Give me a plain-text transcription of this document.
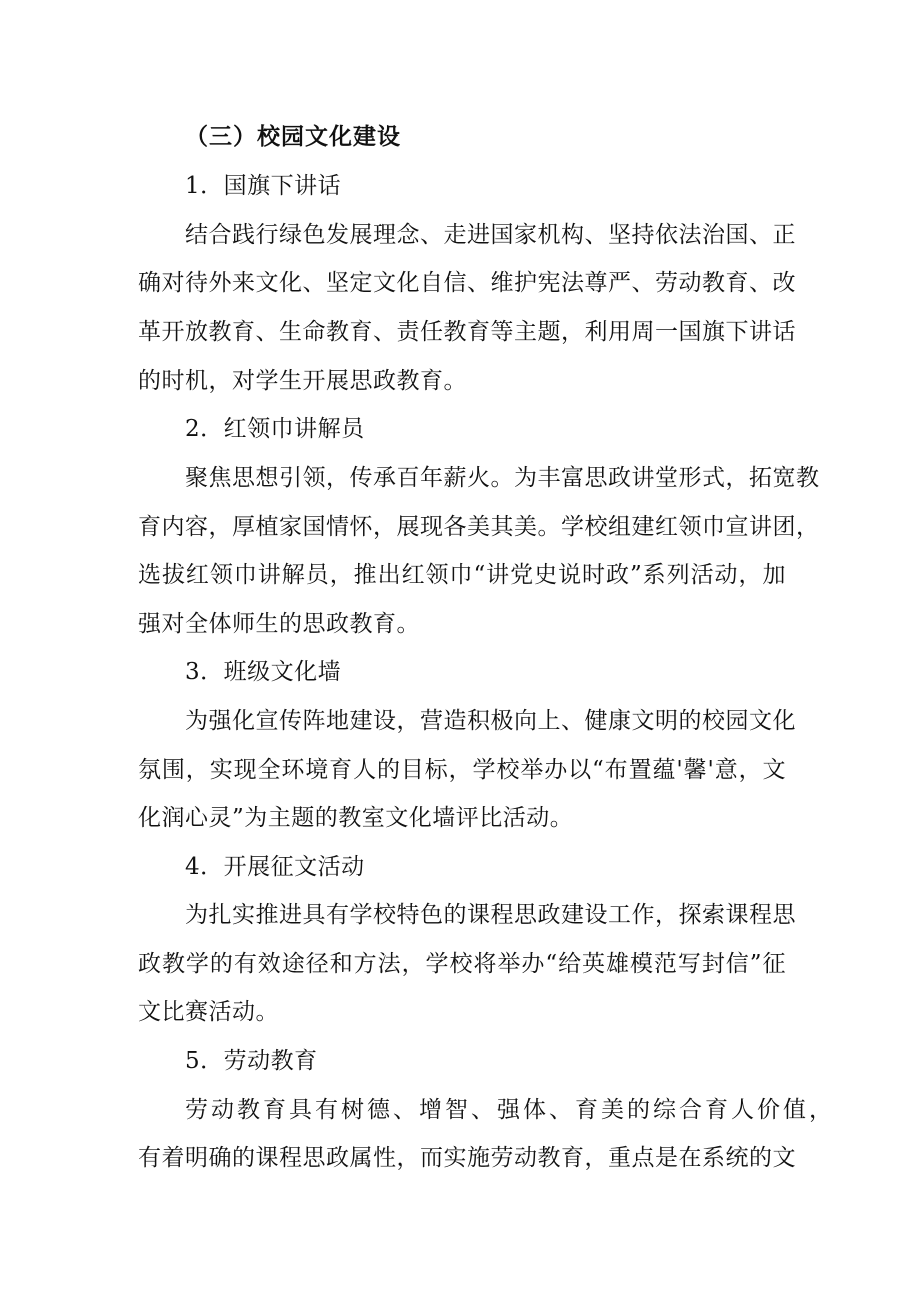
（三）校园文化建设
1．国旗下讲话
结合践行绿色发展理念、走进国家机构、坚持依法治国、正
确对待外来文化、坚定文化自信、维护宪法尊严、劳动教育、改
革开放教育、生命教育、责任教育等主题，利用周一国旗下讲话
的时机，对学生开展思政教育。
2．红领巾讲解员
聚焦思想引领，传承百年薪火。为丰富思政讲堂形式，拓宽教
育内容，厚植家国情怀，展现各美其美。学校组建红领巾宣讲团，
选拔红领巾讲解员，推出红领巾“讲党史说时政”系列活动，加
强对全体师生的思政教育。
3．班级文化墙
为强化宣传阵地建设，营造积极向上、健康文明的校园文化
氛围，实现全环境育人的目标，学校举办以“布置蕴'馨'意，文
化润心灵”为主题的教室文化墙评比活动。
4．开展征文活动
为扎实推进具有学校特色的课程思政建设工作，探索课程思
政教学的有效途径和方法，学校将举办“给英雄模范写封信”征
文比赛活动。
5．劳动教育
劳动教育具有树德、增智、强体、育美的综合育人价值，
有着明确的课程思政属性，而实施劳动教育，重点是在系统的文
